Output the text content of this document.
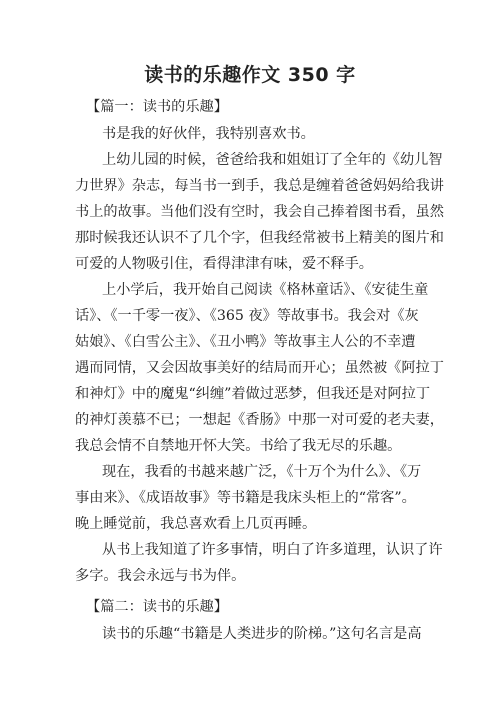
读书的乐趣作文 350 字

【篇一：读书的乐趣】

书是我的好伙伴，我特别喜欢书。

上幼儿园的时候，爸爸给我和姐姐订了全年的《幼儿智

力世界》杂志，每当书一到手，我总是缠着爸爸妈妈给我讲

书上的故事。当他们没有空时，我会自己捧着图书看，虽然

那时候我还认识不了几个字，但我经常被书上精美的图片和

可爱的人物吸引住，看得津津有味，爱不释手。

上小学后，我开始自己阅读《格林童话》、《安徒生童

话》、《一千零一夜》、《365 夜》等故事书。我会对《灰

姑娘》、《白雪公主》、《丑小鸭》等故事主人公的不幸遭

遇而同情，又会因故事美好的结局而开心；虽然被《阿拉丁

和神灯》中的魔鬼“纠缠”着做过恶梦，但我还是对阿拉丁

的神灯羡慕不已；一想起《香肠》中那一对可爱的老夫妻，

我总会情不自禁地开怀大笑。书给了我无尽的乐趣。

现在，我看的书越来越广泛，《十万个为什么》、《万

事由来》、《成语故事》等书籍是我床头柜上的“常客”。

晚上睡觉前，我总喜欢看上几页再睡。

从书上我知道了许多事情，明白了许多道理，认识了许

多字。我会永远与书为伴。

【篇二：读书的乐趣】

读书的乐趣“书籍是人类进步的阶梯。”这句名言是高
